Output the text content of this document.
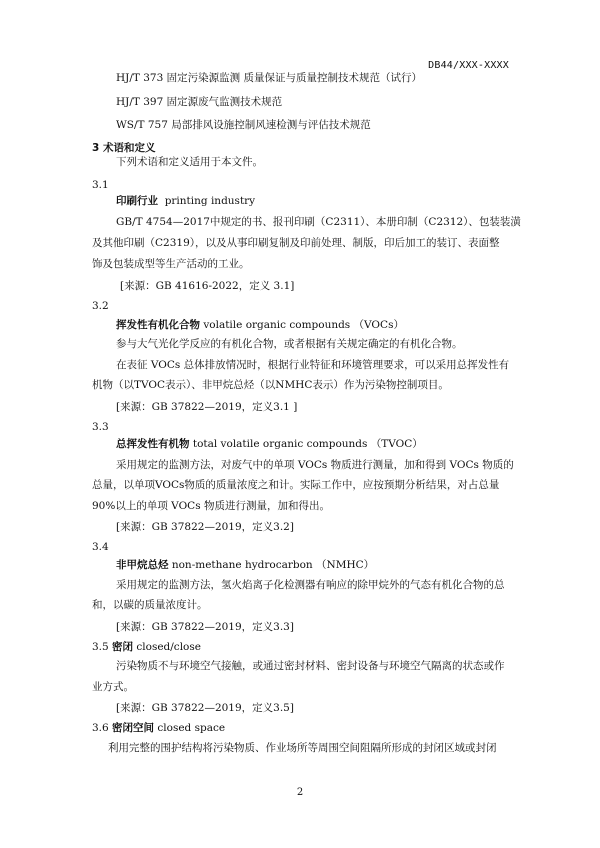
DB44/XXX-XXXX
HJ/T 373 固定污染源监测 质量保证与质量控制技术规范（试行）
HJ/T 397 固定源废气监测技术规范
WS/T 757 局部排风设施控制风速检测与评估技术规范
3 术语和定义
下列术语和定义适用于本文件。
3.1
印刷行业 printing industry
GB/T 4754—2017中规定的书、报刊印刷（C2311）、本册印制（C2312）、包装装潢
及其他印刷（C2319），以及从事印刷复制及印前处理、制版，印后加工的装订、表面整
饰及包装成型等生产活动的工业。
[来源：GB 41616-2022，定义 3.1]
3.2
挥发性有机化合物 volatile organic compounds （VOCs）
参与大气光化学反应的有机化合物，或者根据有关规定确定的有机化合物。
在表征 VOCs 总体排放情况时，根据行业特征和环境管理要求，可以采用总挥发性有
机物（以TVOC表示）、非甲烷总烃（以NMHC表示）作为污染物控制项目。
[来源：GB 37822—2019，定义3.1 ]
3.3
总挥发性有机物 total volatile organic compounds （TVOC）
采用规定的监测方法，对废气中的单项 VOCs 物质进行测量，加和得到 VOCs 物质的
总量，以单项VOCs物质的质量浓度之和计。实际工作中，应按预期分析结果，对占总量
90%以上的单项 VOCs 物质进行测量，加和得出。
[来源：GB 37822—2019，定义3.2]
3.4
非甲烷总烃 non-methane hydrocarbon （NMHC）
采用规定的监测方法，氢火焰离子化检测器有响应的除甲烷外的气态有机化合物的总
和，以碳的质量浓度计。
[来源：GB 37822—2019，定义3.3]
3.5 密闭 closed/close
污染物质不与环境空气接触，或通过密封材料、密封设备与环境空气隔离的状态或作
业方式。
[来源：GB 37822—2019，定义3.5]
3.6 密闭空间 closed space
利用完整的围护结构将污染物质、作业场所等周围空间阻隔所形成的封闭区域或封闭
2
